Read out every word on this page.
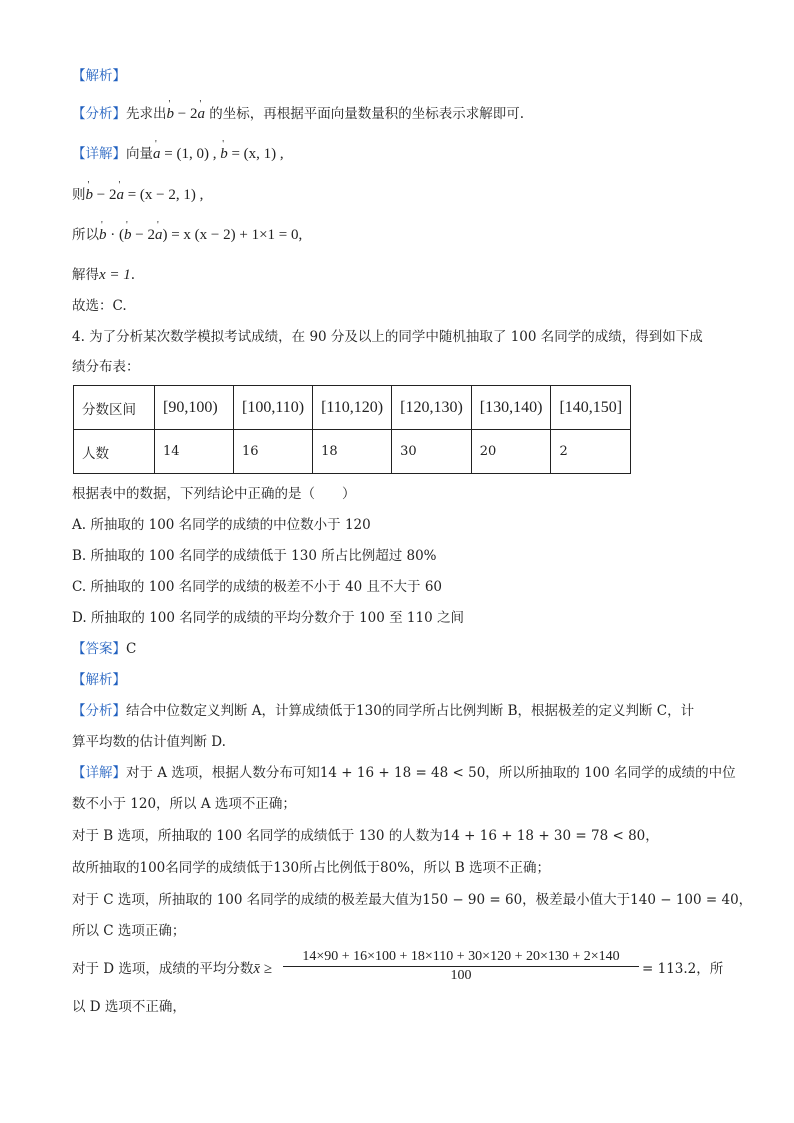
【解析】
【分析】先求出' b − 2' a 的坐标，再根据平面向量数量积的坐标表示求解即可.
【详解】向量' a = (1, 0) , ' b = (x, 1) ,
则' b − 2' a = (x − 2, 1) ,
所以' b · (' b − 2' a) = x (x − 2) + 1×1 = 0,
解得x = 1.
故选：C.
4. 为了分析某次数学模拟考试成绩，在 90 分及以上的同学中随机抽取了 100 名同学的成绩，得到如下成
绩分布表：
分数区间	[90,100)	[100,110)	[110,120)	[120,130)	[130,140)	[140,150]
人数	14	16	18	30	20	2
根据表中的数据，下列结论中正确的是（　　）
A. 所抽取的 100 名同学的成绩的中位数小于 120
B. 所抽取的 100 名同学的成绩低于 130 所占比例超过 80%
C. 所抽取的 100 名同学的成绩的极差不小于 40 且不大于 60
D. 所抽取的 100 名同学的成绩的平均分数介于 100 至 110 之间
【答案】C
【解析】
【分析】结合中位数定义判断 A，计算成绩低于130的同学所占比例判断 B，根据极差的定义判断 C，计
算平均数的估计值判断 D.
【详解】对于 A 选项，根据人数分布可知14 + 16 + 18 = 48 < 50，所以所抽取的 100 名同学的成绩的中位
数不小于 120，所以 A 选项不正确；
对于 B 选项，所抽取的 100 名同学的成绩低于 130 的人数为14 + 16 + 18 + 30 = 78 < 80，
故所抽取的100名同学的成绩低于130所占比例低于80%，所以 B 选项不正确；
对于 C 选项，所抽取的 100 名同学的成绩的极差最大值为150 − 90 = 60，极差最小值大于140 − 100 = 40，
所以 C 选项正确；
对于 D 选项，成绩的平均分数x̄ ≥ $\frac{14\times 90 + 16\times 100 + 18\times 110 + 30\times 120 + 20\times 130 + 2\times 140}{100} = 113.2$，所
以 D 选项不正确，
